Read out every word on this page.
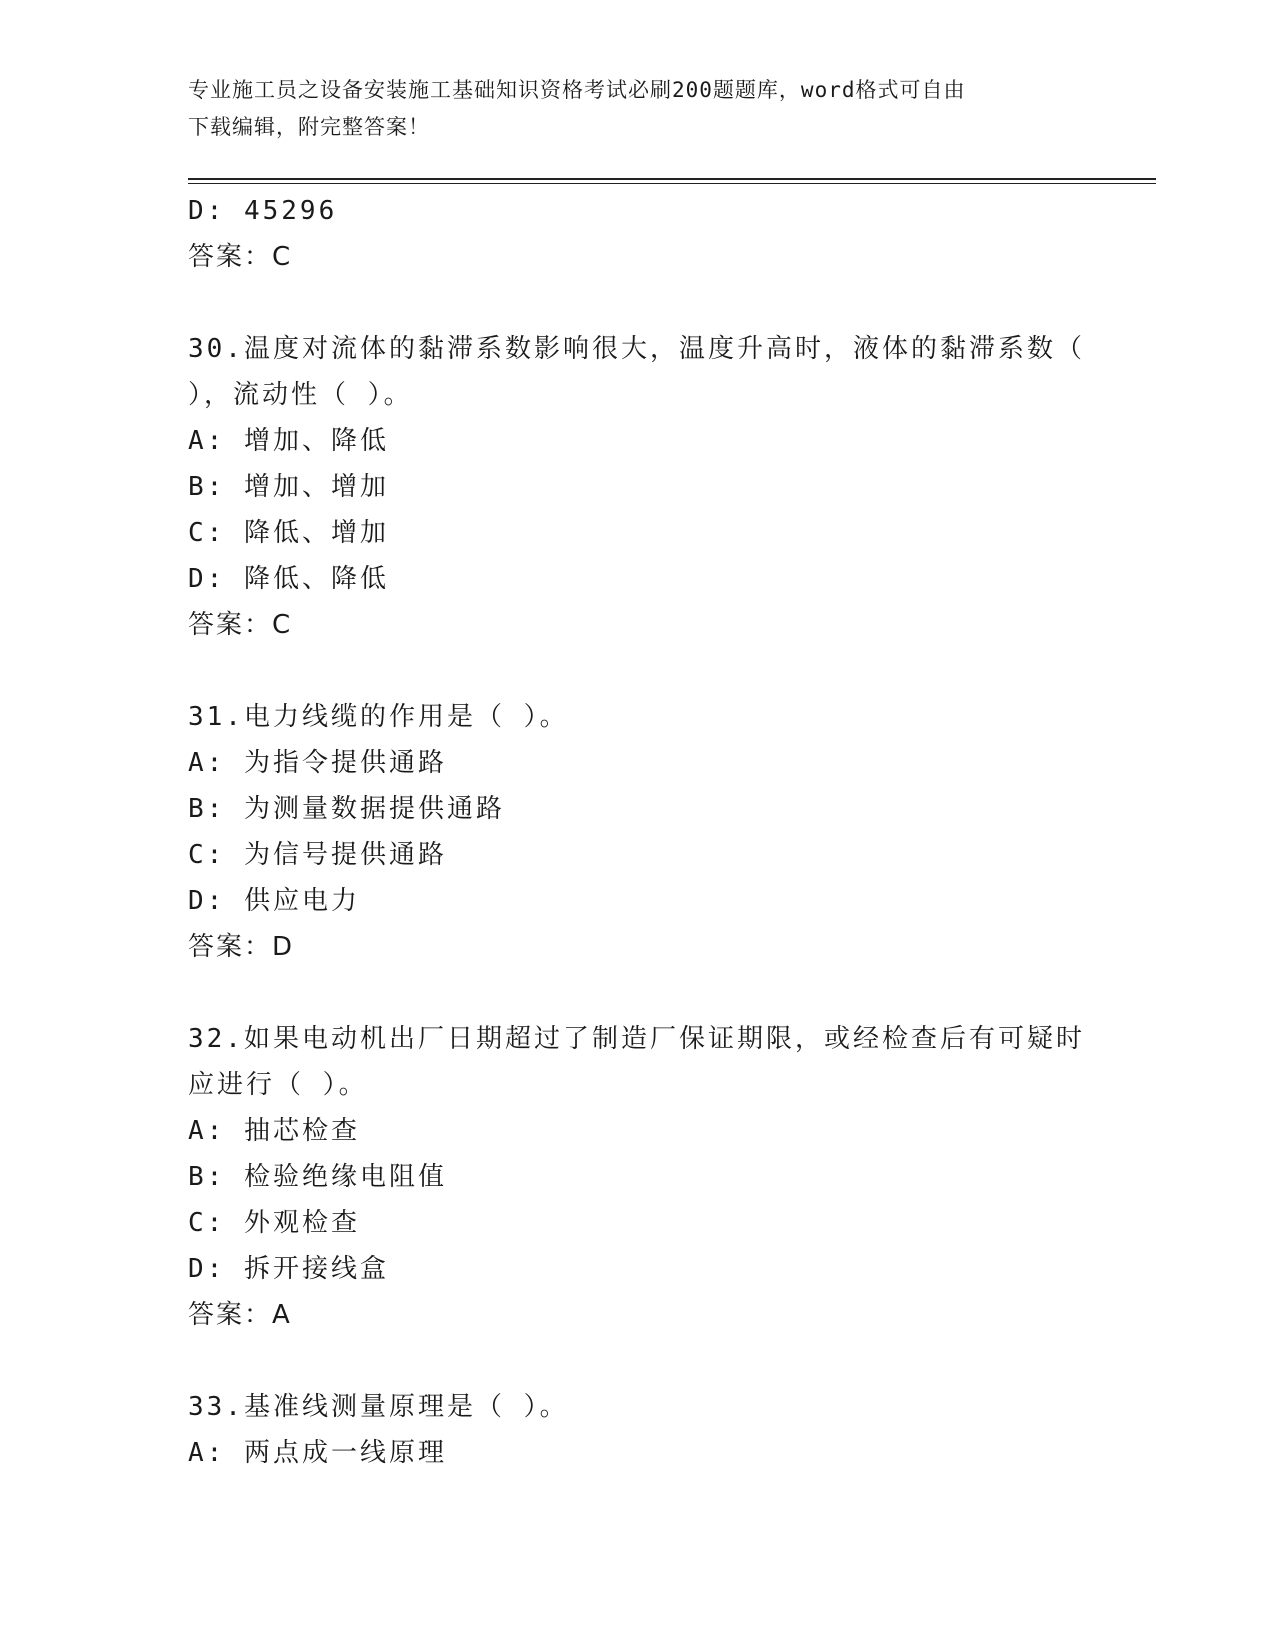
专业施工员之设备安装施工基础知识资格考试必刷200题题库，word格式可自由
下载编辑，附完整答案！
D: 45296
答案：C
30.温度对流体的黏滞系数影响很大，温度升高时，液体的黏滞系数（
），流动性（ ）。
A: 增加、降低
B: 增加、增加
C: 降低、增加
D: 降低、降低
答案：C
31.电力线缆的作用是（ ）。
A: 为指令提供通路
B: 为测量数据提供通路
C: 为信号提供通路
D: 供应电力
答案：D
32.如果电动机出厂日期超过了制造厂保证期限，或经检查后有可疑时
应进行（ ）。
A: 抽芯检查
B: 检验绝缘电阻值
C: 外观检查
D: 拆开接线盒
答案：A
33.基准线测量原理是（ ）。
A: 两点成一线原理
